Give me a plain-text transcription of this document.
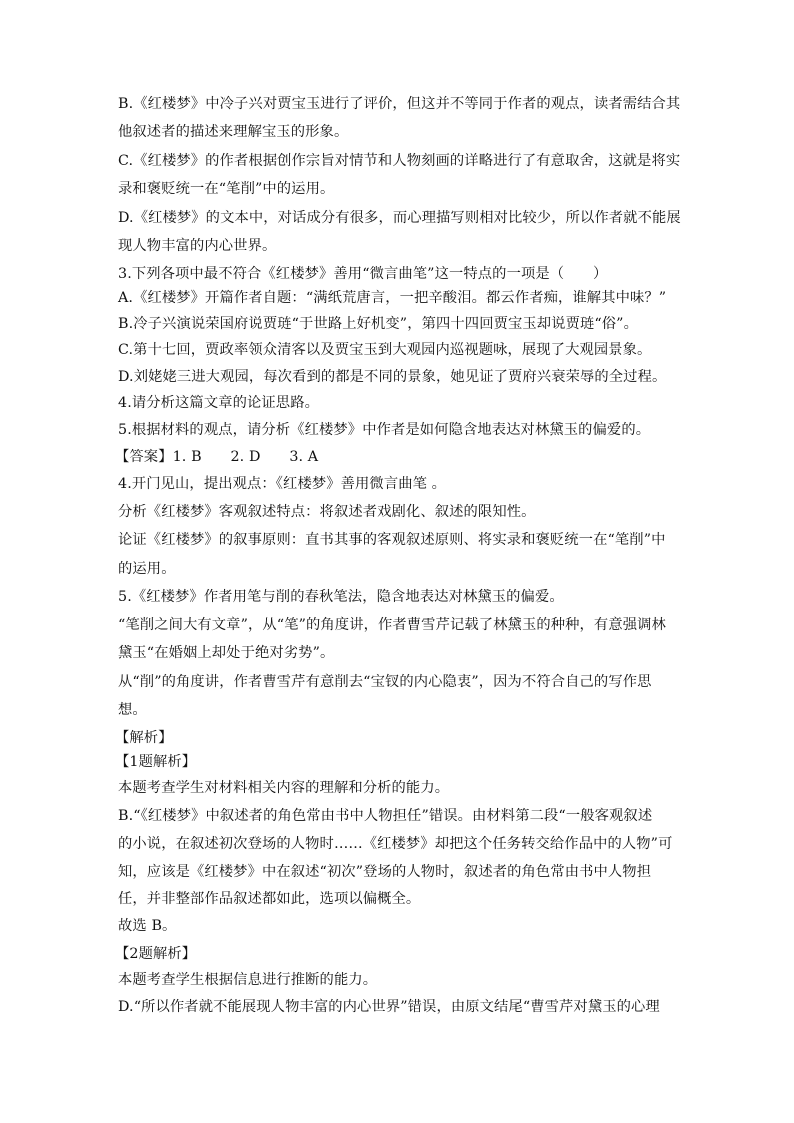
B.《红楼梦》中冷子兴对贾宝玉进行了评价，但这并不等同于作者的观点，读者需结合其
他叙述者的描述来理解宝玉的形象。
C.《红楼梦》的作者根据创作宗旨对情节和人物刻画的详略进行了有意取舍，这就是将实
录和褒贬统一在“笔削”中的运用。
D.《红楼梦》的文本中，对话成分有很多，而心理描写则相对比较少，所以作者就不能展
现人物丰富的内心世界。
3.下列各项中最不符合《红楼梦》善用“微言曲笔”这一特点的一项是（　　）
A.《红楼梦》开篇作者自题：“满纸荒唐言，一把辛酸泪。都云作者痴，谁解其中味？”
B.冷子兴演说荣国府说贾琏“于世路上好机变”，第四十四回贾宝玉却说贾琏“俗”。
C.第十七回，贾政率领众清客以及贾宝玉到大观园内巡视题咏，展现了大观园景象。
D.刘姥姥三进大观园，每次看到的都是不同的景象，她见证了贾府兴衰荣辱的全过程。
4.请分析这篇文章的论证思路。
5.根据材料的观点，请分析《红楼梦》中作者是如何隐含地表达对林黛玉的偏爱的。
【答案】1. B　　2. D　　3. A
4.开门见山，提出观点：《红楼梦》善用微言曲笔 。
分析《红楼梦》客观叙述特点：将叙述者戏剧化、叙述的限知性。
论证《红楼梦》的叙事原则：直书其事的客观叙述原则、将实录和褒贬统一在“笔削”中
的运用。
5.《红楼梦》作者用笔与削的春秋笔法，隐含地表达对林黛玉的偏爱。
“笔削之间大有文章”，从“笔”的角度讲，作者曹雪芹记载了林黛玉的种种，有意强调林
黛玉“在婚姻上却处于绝对劣势”。
从“削”的角度讲，作者曹雪芹有意削去“宝钗的内心隐衷”，因为不符合自己的写作思
想。
【解析】
【1题解析】
本题考查学生对材料相关内容的理解和分析的能力。
B.“《红楼梦》中叙述者的角色常由书中人物担任”错误。由材料第二段“一般客观叙述
的小说，在叙述初次登场的人物时……《红楼梦》却把这个任务转交给作品中的人物”可
知，应该是《红楼梦》中在叙述“初次”登场的人物时，叙述者的角色常由书中人物担
任，并非整部作品叙述都如此，选项以偏概全。
故选 B。
【2题解析】
本题考查学生根据信息进行推断的能力。
D.“所以作者就不能展现人物丰富的内心世界”错误，由原文结尾“曹雪芹对黛玉的心理
